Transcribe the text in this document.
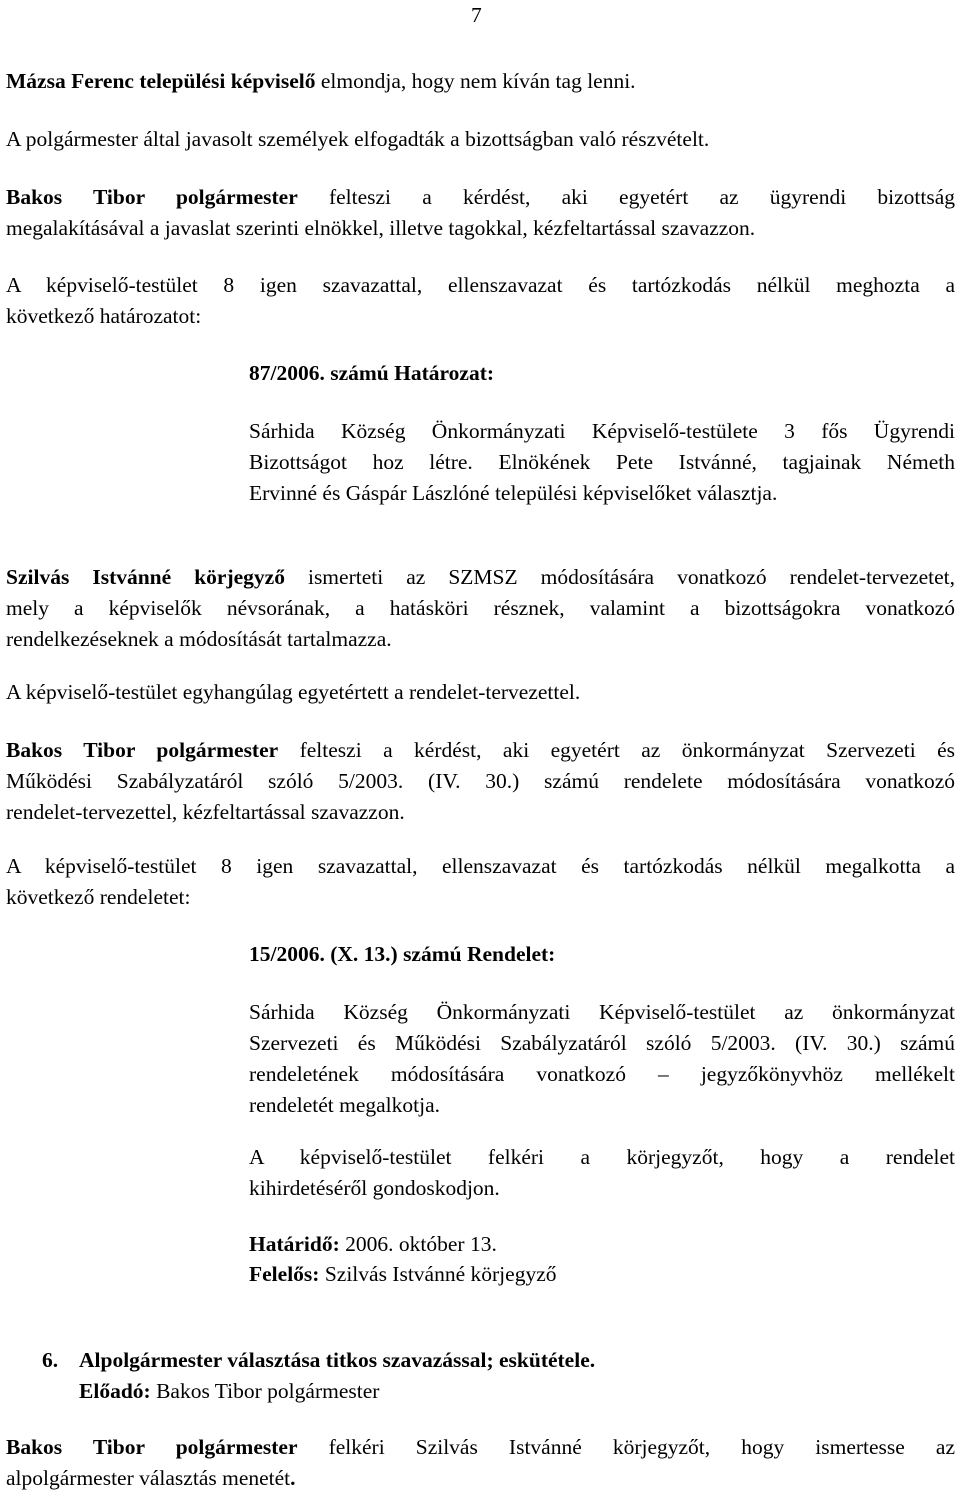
7

Mázsa Ferenc települési képviselő elmondja, hogy nem kíván tag lenni.

A polgármester által javasolt személyek elfogadták a bizottságban való részvételt.

Bakos Tibor polgármester felteszi a kérdést, aki egyetért az ügyrendi bizottság
megalakításával a javaslat szerinti elnökkel, illetve tagokkal, kézfeltartással szavazzon.

A képviselő-testület 8 igen szavazattal, ellenszavazat és tartózkodás nélkül meghozta a
következő határozatot:

87/2006. számú Határozat:

Sárhida Község Önkormányzati Képviselő-testülete 3 fős Ügyrendi
Bizottságot hoz létre. Elnökének Pete Istvánné, tagjainak Németh
Ervinné és Gáspár Lászlóné települési képviselőket választja.

Szilvás Istvánné körjegyző ismerteti az SZMSZ módosítására vonatkozó rendelet-tervezetet,
mely a képviselők névsorának, a hatásköri résznek, valamint a bizottságokra vonatkozó
rendelkezéseknek a módosítását tartalmazza.

A képviselő-testület egyhangúlag egyetértett a rendelet-tervezettel.

Bakos Tibor polgármester felteszi a kérdést, aki egyetért az önkormányzat Szervezeti és
Működési Szabályzatáról szóló 5/2003. (IV. 30.) számú rendelete módosítására vonatkozó
rendelet-tervezettel, kézfeltartással szavazzon.

A képviselő-testület 8 igen szavazattal, ellenszavazat és tartózkodás nélkül megalkotta a
következő rendeletet:

15/2006. (X. 13.) számú Rendelet:

Sárhida Község Önkormányzati Képviselő-testület az önkormányzat
Szervezeti és Működési Szabályzatáról szóló 5/2003. (IV. 30.) számú
rendeletének módosítására vonatkozó – jegyzőkönyvhöz mellékelt
rendeletét megalkotja.

A képviselő-testület felkéri a körjegyzőt, hogy a rendelet
kihirdetéséről gondoskodjon.

Határidő: 2006. október 13.
Felelős: Szilvás Istvánné körjegyző
6. Alpolgármester választása titkos szavazással; eskütétele.
Előadó: Bakos Tibor polgármester

Bakos Tibor polgármester felkéri Szilvás Istvánné körjegyzőt, hogy ismertesse az
alpolgármester választás menetét.
